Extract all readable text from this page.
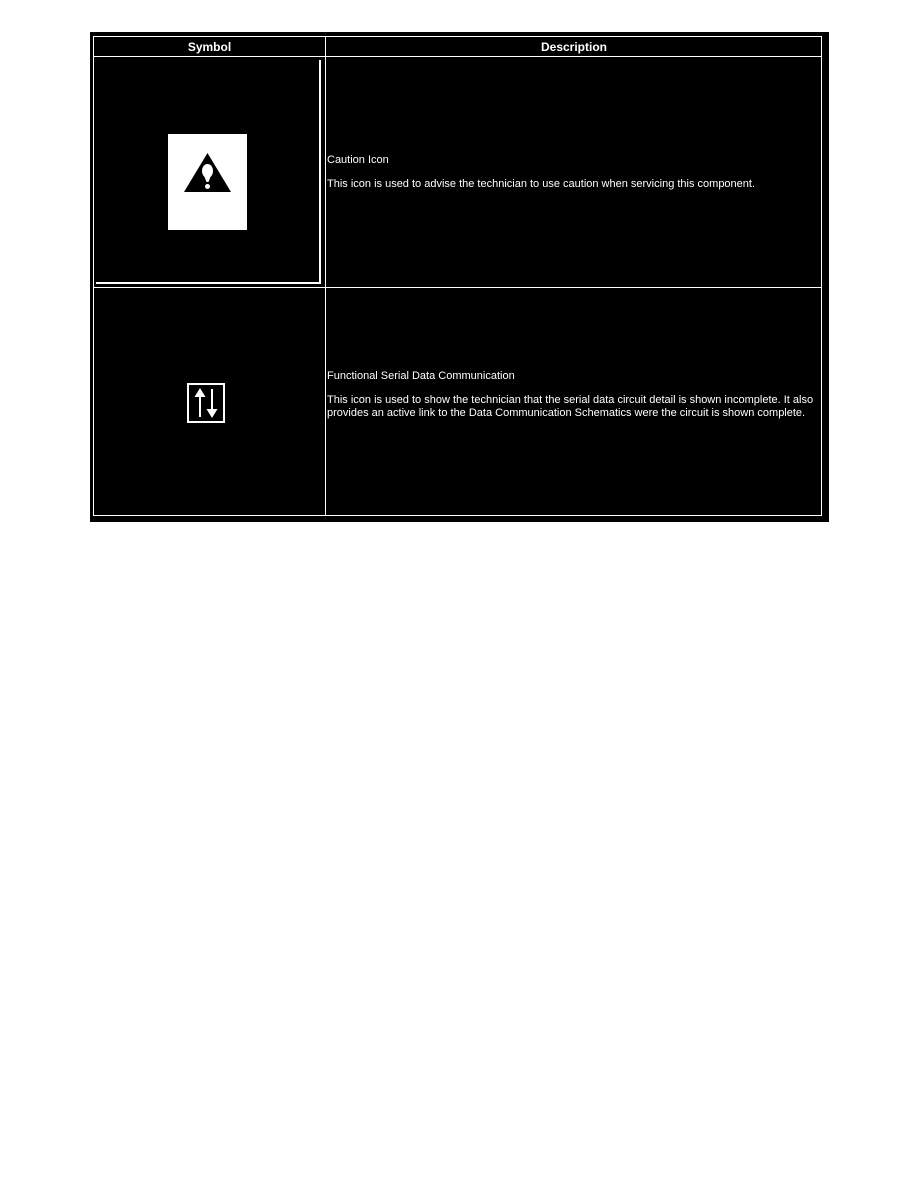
Symbol	Description

Caution Icon

This icon is used to advise the technician to use caution when servicing this component.

Functional Serial Data Communication

This icon is used to show the technician that the serial data circuit detail is shown incomplete. It also provides an active link to the Data Communication Schematics were the circuit is shown complete.
